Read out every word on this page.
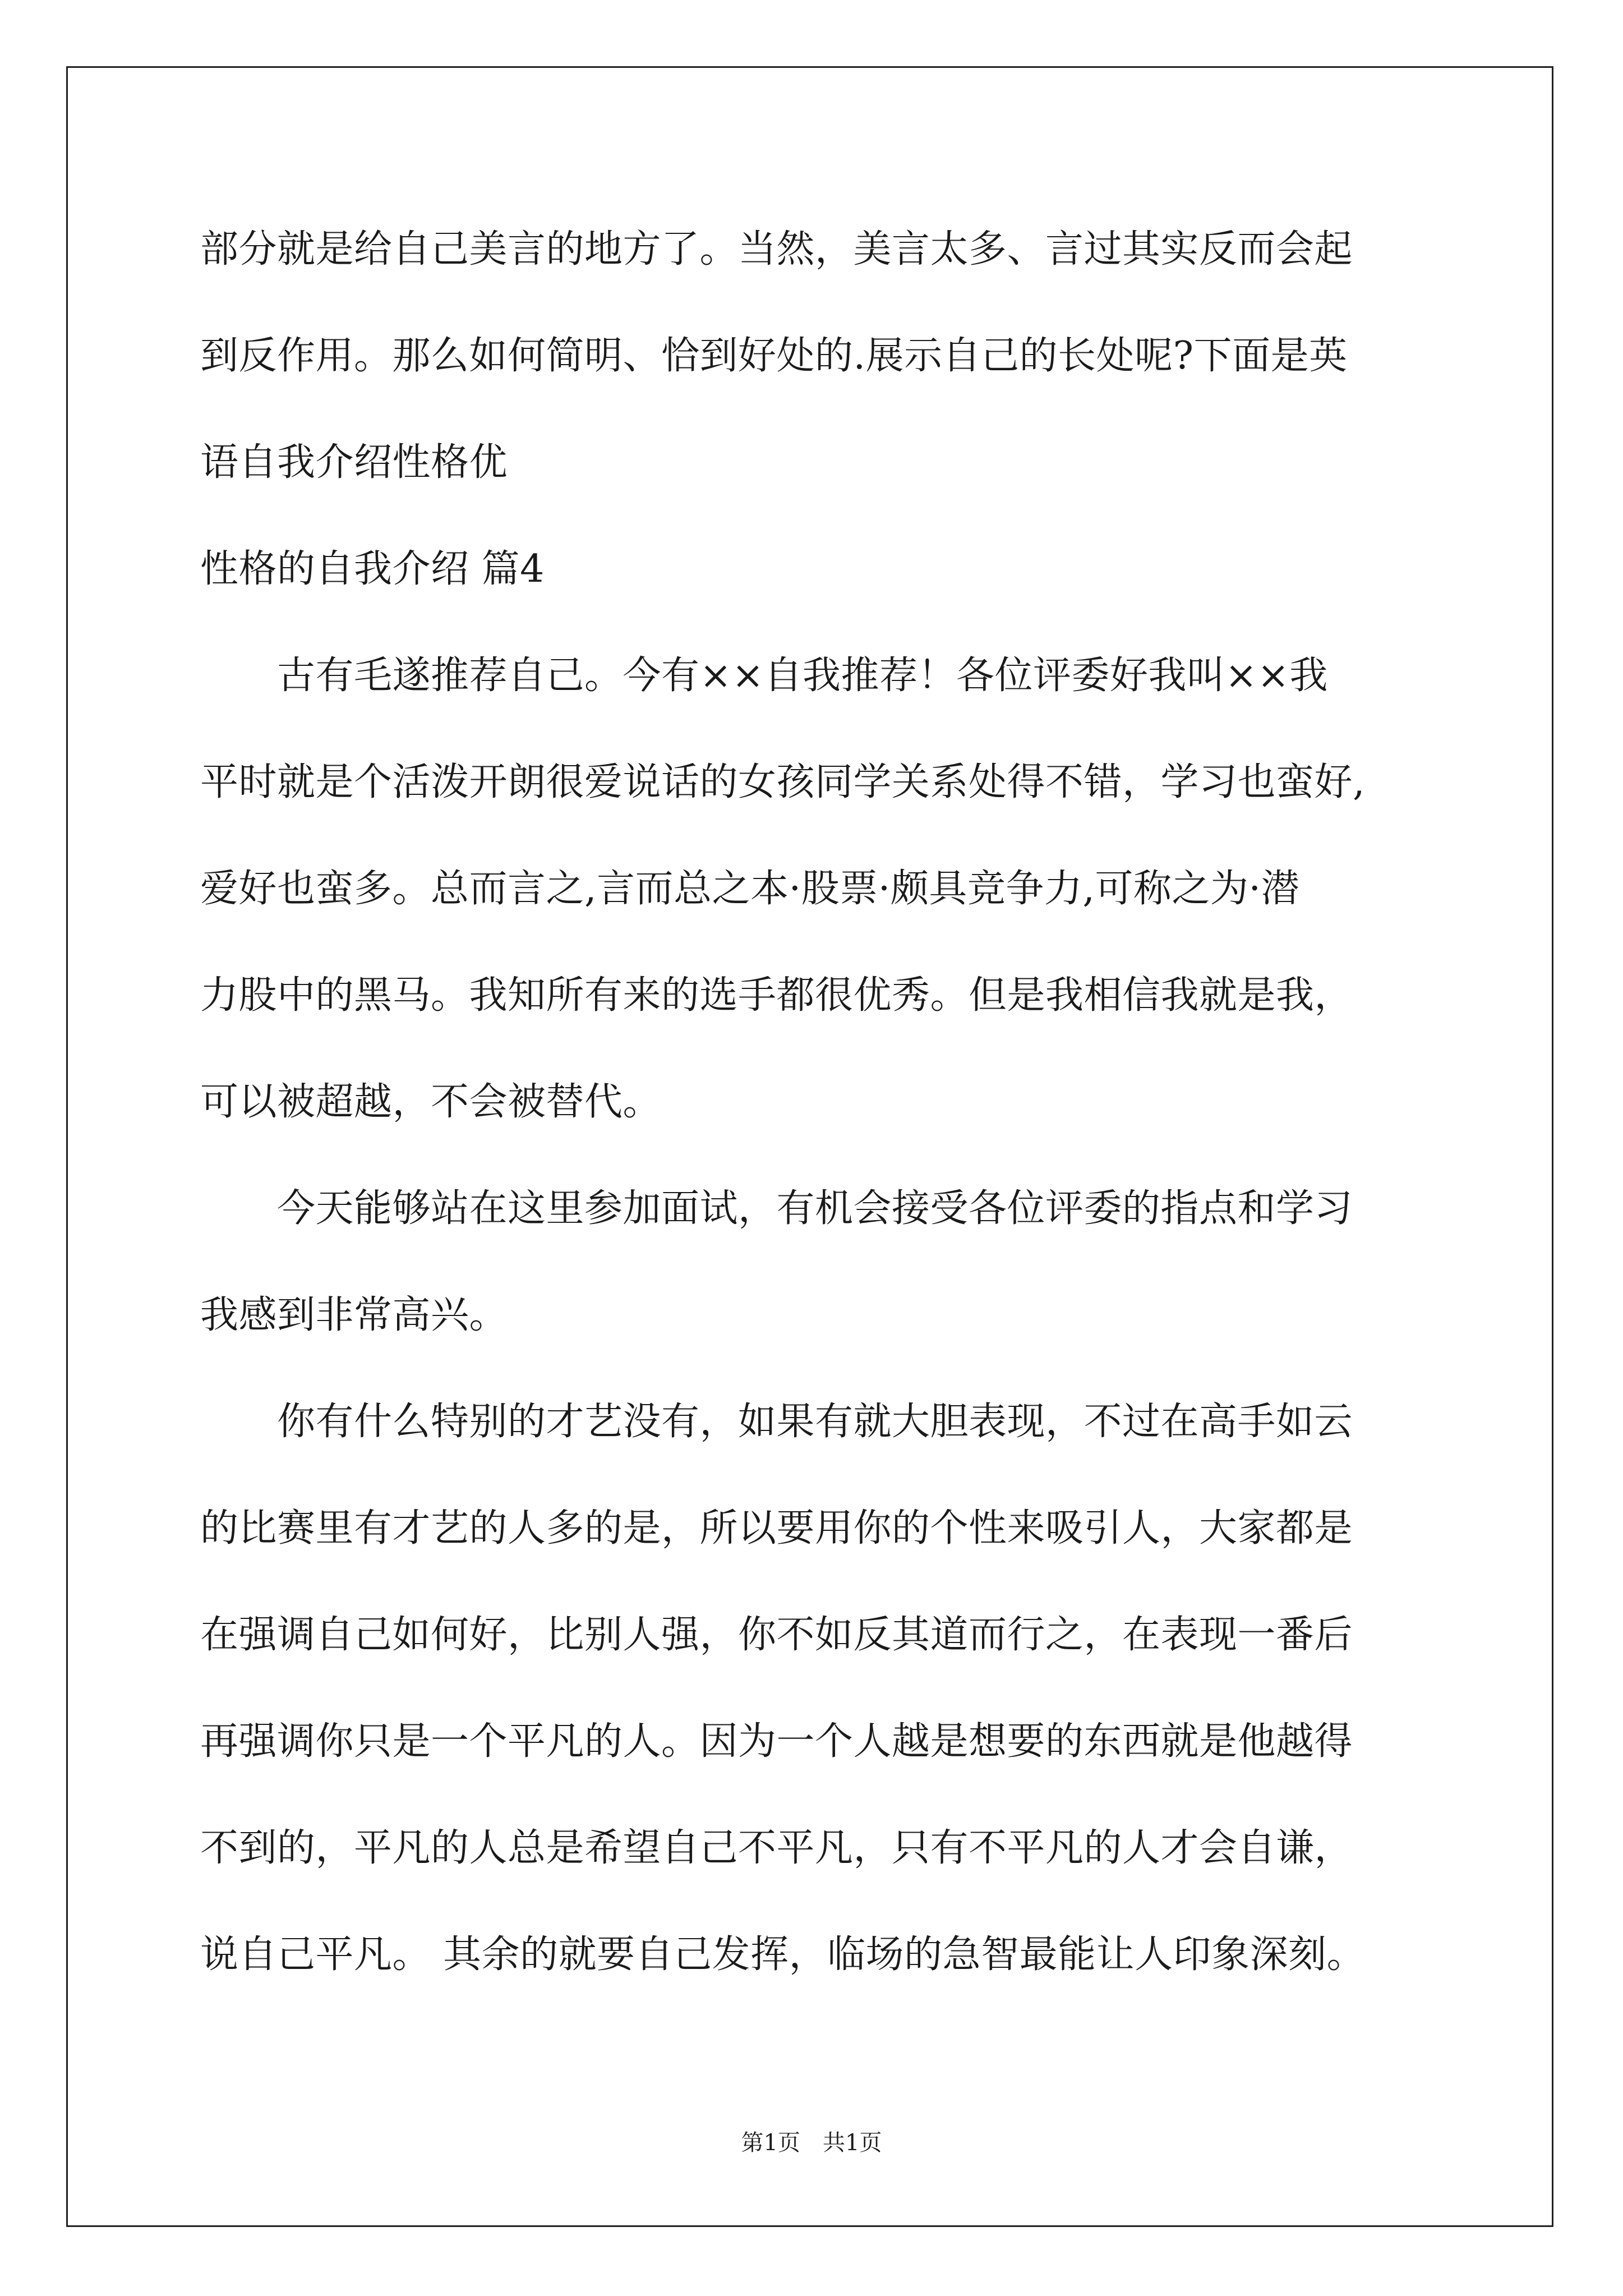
部分就是给自己美言的地方了。当然，美言太多、言过其实反而会起
到反作用。那么如何简明、恰到好处的.展示自己的长处呢?下面是英
语自我介绍性格优
性格的自我介绍 篇4
　　古有毛遂推荐自己。今有××自我推荐！各位评委好我叫××我
平时就是个活泼开朗很爱说话的女孩同学关系处得不错，学习也蛮好,
爱好也蛮多。总而言之,言而总之本·股票·颇具竞争力,可称之为·潜
力股中的黑马。我知所有来的选手都很优秀。但是我相信我就是我，
可以被超越，不会被替代。
　　今天能够站在这里参加面试，有机会接受各位评委的指点和学习
我感到非常高兴。
　　你有什么特别的才艺没有，如果有就大胆表现，不过在高手如云
的比赛里有才艺的人多的是，所以要用你的个性来吸引人，大家都是
在强调自己如何好，比别人强，你不如反其道而行之，在表现一番后
再强调你只是一个平凡的人。因为一个人越是想要的东西就是他越得
不到的，平凡的人总是希望自己不平凡，只有不平凡的人才会自谦，
说自己平凡。 其余的就要自己发挥，临场的急智最能让人印象深刻。
第1页　共1页
